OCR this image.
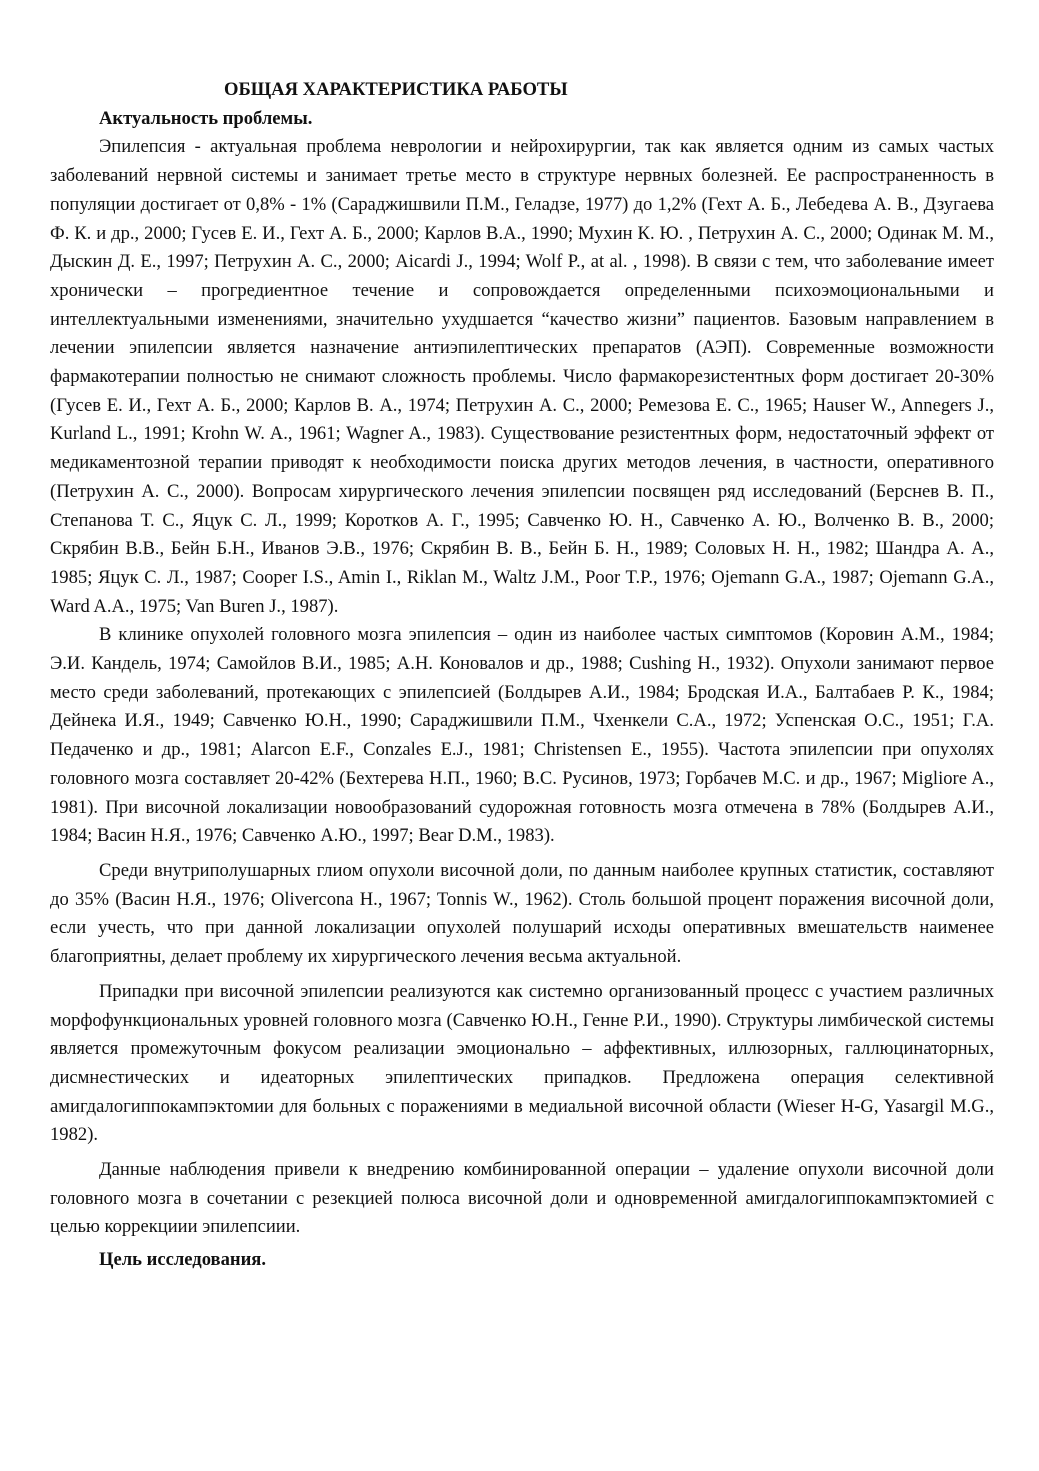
ОБЩАЯ ХАРАКТЕРИСТИКА РАБОТЫ

Актуальность проблемы.

Эпилепсия - актуальная проблема неврологии и нейрохирургии, так как является одним из самых частых заболеваний нервной системы и занимает третье место в структуре нервных болезней. Ее распространенность в популяции достигает от 0,8% - 1% (Сараджишвили П.М., Геладзе, 1977) до 1,2% (Гехт А. Б., Лебедева А. В., Дзугаева Ф. К. и др., 2000; Гусев Е. И., Гехт А. Б., 2000; Карлов В.А., 1990; Мухин К. Ю. , Петрухин А. С., 2000; Одинак М. М., Дыскин Д. Е., 1997; Петрухин А. С., 2000; Aicardi J., 1994; Wolf P., at al. , 1998). В связи с тем, что заболевание имеет хронически – прогредиентное течение и сопровождается определенными психоэмоциональными и интеллектуальными изменениями, значительно ухудшается “качество жизни” пациентов. Базовым направлением в лечении эпилепсии является назначение антиэпилептических препаратов (АЭП). Современные возможности фармакотерапии полностью не снимают сложность проблемы. Число фармакорезистентных форм достигает 20-30% (Гусев Е. И., Гехт А. Б., 2000; Карлов В. А., 1974; Петрухин А. С., 2000; Ремезова Е. С., 1965; Hauser W., Annegers J., Kurland L., 1991; Krohn W. A., 1961; Wagner A., 1983). Существование резистентных форм, недостаточный эффект от медикаментозной терапии приводят к необходимости поиска других методов лечения, в частности, оперативного (Петрухин А. С., 2000). Вопросам хирургического лечения эпилепсии посвящен ряд исследований (Берснев В. П., Степанова Т. С., Яцук С. Л., 1999; Коротков А. Г., 1995; Савченко Ю. Н., Савченко А. Ю., Волченко В. В., 2000; Скрябин В.В., Бейн Б.Н., Иванов Э.В., 1976; Скрябин В. В., Бейн Б. Н., 1989; Соловых Н. Н., 1982; Шандра А. А., 1985; Яцук С. Л., 1987; Cooper I.S., Amin I., Riklan M., Waltz J.M., Poor T.P., 1976; Ojemann G.A., 1987; Ojemann G.A., Ward A.A., 1975; Van Buren J., 1987).

В клинике опухолей головного мозга эпилепсия – один из наиболее частых симптомов (Коровин А.М., 1984; Э.И. Кандель, 1974; Самойлов В.И., 1985; А.Н. Коновалов и др., 1988; Cushing H., 1932). Опухоли занимают первое место среди заболеваний, протекающих с эпилепсией (Болдырев А.И., 1984; Бродская И.А., Балтабаев Р. К., 1984; Дейнека И.Я., 1949; Савченко Ю.Н., 1990; Сараджишвили П.М., Чхенкели С.А., 1972; Успенская О.С., 1951; Г.А. Педаченко и др., 1981; Alarcon E.F., Conzales E.J., 1981; Christensen E., 1955). Частота эпилепсии при опухолях головного мозга составляет 20-42% (Бехтерева Н.П., 1960; В.С. Русинов, 1973; Горбачев М.С. и др., 1967; Migliore A., 1981). При височной локализации новообразований судорожная готовность мозга отмечена в 78% (Болдырев А.И., 1984; Васин Н.Я., 1976; Савченко А.Ю., 1997; Bear D.M., 1983).

Среди внутриполушарных глиом опухоли височной доли, по данным наиболее крупных статистик, составляют до 35% (Васин Н.Я., 1976; Olivercona H., 1967; Tonnis W., 1962). Столь большой процент поражения височной доли, если учесть, что при данной локализации опухолей полушарий исходы оперативных вмешательств наименее благоприятны, делает проблему их хирургического лечения весьма актуальной.

Припадки при височной эпилепсии реализуются как системно организованный процесс с участием различных морфофункциональных уровней головного мозга (Савченко Ю.Н., Генне Р.И., 1990). Структуры лимбической системы является промежуточным фокусом реализации эмоционально – аффективных, иллюзорных, галлюцинаторных, дисмнестических и идеаторных эпилептических припадков. Предложена операция селективной амигдалогиппокампэктомии для больных с поражениями в медиальной височной области (Wieser H-G, Yasargil M.G., 1982).

Данные наблюдения привели к внедрению комбинированной операции – удаление опухоли височной доли головного мозга в сочетании с резекцией полюса височной доли и одновременной амигдалогиппокампэктомией с целью коррекциии эпилепсиии.

Цель исследования.
